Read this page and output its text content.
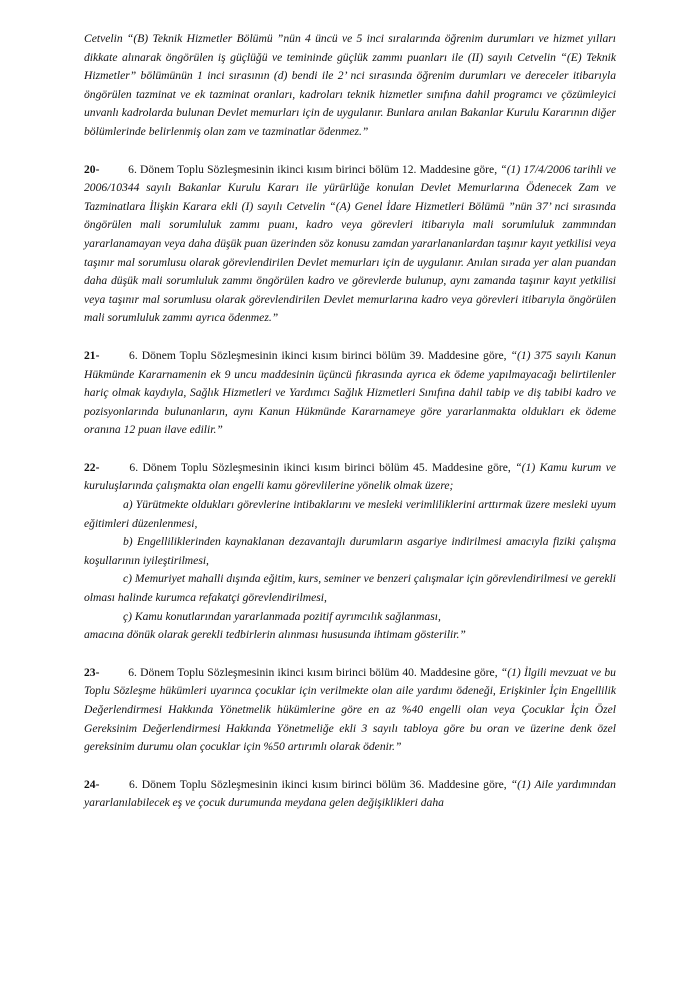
Cetvelin “(B) Teknik Hizmetler Bölümü ”nün 4 üncü ve 5 inci sıralarında öğrenim durumları ve hizmet yılları dikkate alınarak öngörülen iş güçlüğü ve temininde güçlük zammı puanları ile (II) sayılı Cetvelin “(E) Teknik Hizmetler” bölümünün 1 inci sırasının (d) bendi ile 2’ nci sırasında öğrenim durumları ve dereceler itibarıyla öngörülen tazminat ve ek tazminat oranları, kadroları teknik hizmetler sınıfına dahil programcı ve çözümleyici unvanlı kadrolarda bulunan Devlet memurları için de uygulanır. Bunlara anılan Bakanlar Kurulu Kararının diğer bölümlerinde belirlenmiş olan zam ve tazminatlar ödenmez.”

20- 6. Dönem Toplu Sözleşmesinin ikinci kısım birinci bölüm 12. Maddesine göre, “(1) 17/4/2006 tarihli ve 2006/10344 sayılı Bakanlar Kurulu Kararı ile yürürlüğe konulan Devlet Memurlarına Ödenecek Zam ve Tazminatlara İlişkin Karara ekli (I) sayılı Cetvelin “(A) Genel İdare Hizmetleri Bölümü ”nün 37’ nci sırasında öngörülen mali sorumluluk zammı puanı, kadro veya görevleri itibarıyla mali sorumluluk zammından yararlanamayan veya daha düşük puan üzerinden söz konusu zamdan yararlananlardan taşınır kayıt yetkilisi veya taşınır mal sorumlusu olarak görevlendirilen Devlet memurları için de uygulanır. Anılan sırada yer alan puandan daha düşük mali sorumluluk zammı öngörülen kadro ve görevlerde bulunup, aynı zamanda taşınır kayıt yetkilisi veya taşınır mal sorumlusu olarak görevlendirilen Devlet memurlarına kadro veya görevleri itibarıyla öngörülen mali sorumluluk zammı ayrıca ödenmez.”

21-	6. Dönem Toplu Sözleşmesinin ikinci kısım birinci bölüm 39. Maddesine göre, “(1) 375 sayılı Kanun Hükmünde Kararnamenin ek 9 uncu maddesinin üçüncü fıkrasında ayrıca ek ödeme yapılmayacağı belirtilenler hariç olmak kaydıyla, Sağlık Hizmetleri ve Yardımcı Sağlık Hizmetleri Sınıfına dahil tabip ve diş tabibi kadro ve pozisyonlarında bulunanların, aynı Kanun Hükmünde Kararnameye göre yararlanmakta oldukları ek ödeme oranına 12 puan ilave edilir.”

22-	6. Dönem Toplu Sözleşmesinin ikinci kısım birinci bölüm 45. Maddesine göre, “(1) Kamu kurum ve kuruluşlarında çalışmakta olan engelli kamu görevlilerine yönelik olmak üzere;

a) Yürütmekte oldukları görevlerine intibaklarını ve mesleki verimliliklerini arttırmak üzere mesleki uyum eğitimleri düzenlenmesi,

b) Engelliliklerinden kaynaklanan dezavantajlı durumların asgariye indirilmesi amacıyla fiziki çalışma koşullarının iyileştirilmesi,

c) Memuriyet mahalli dışında eğitim, kurs, seminer ve benzeri çalışmalar için görevlendirilmesi ve gerekli olması halinde kurumca refakatçi görevlendirilmesi,

ç) Kamu konutlarından yararlanmada pozitif ayrımcılık sağlanması,

amacına dönük olarak gerekli tedbirlerin alınması hususunda ihtimam gösterilir.”

23- 6. Dönem Toplu Sözleşmesinin ikinci kısım birinci bölüm 40. Maddesine göre, “(1) İlgili mevzuat ve bu Toplu Sözleşme hükümleri uyarınca çocuklar için verilmekte olan aile yardımı ödeneği, Erişkinler İçin Engellilik Değerlendirmesi Hakkında Yönetmelik hükümlerine göre en az %40 engelli olan veya Çocuklar İçin Özel Gereksinim Değerlendirmesi Hakkında Yönetmeliğe ekli 3 sayılı tabloya göre bu oran ve üzerine denk özel gereksinim durumu olan çocuklar için %50 artırımlı olarak ödenir.”

24-	6. Dönem Toplu Sözleşmesinin ikinci kısım birinci bölüm 36. Maddesine göre, “(1) Aile yardımından yararlanılabilecek eş ve çocuk durumunda meydana gelen değişiklikleri daha
